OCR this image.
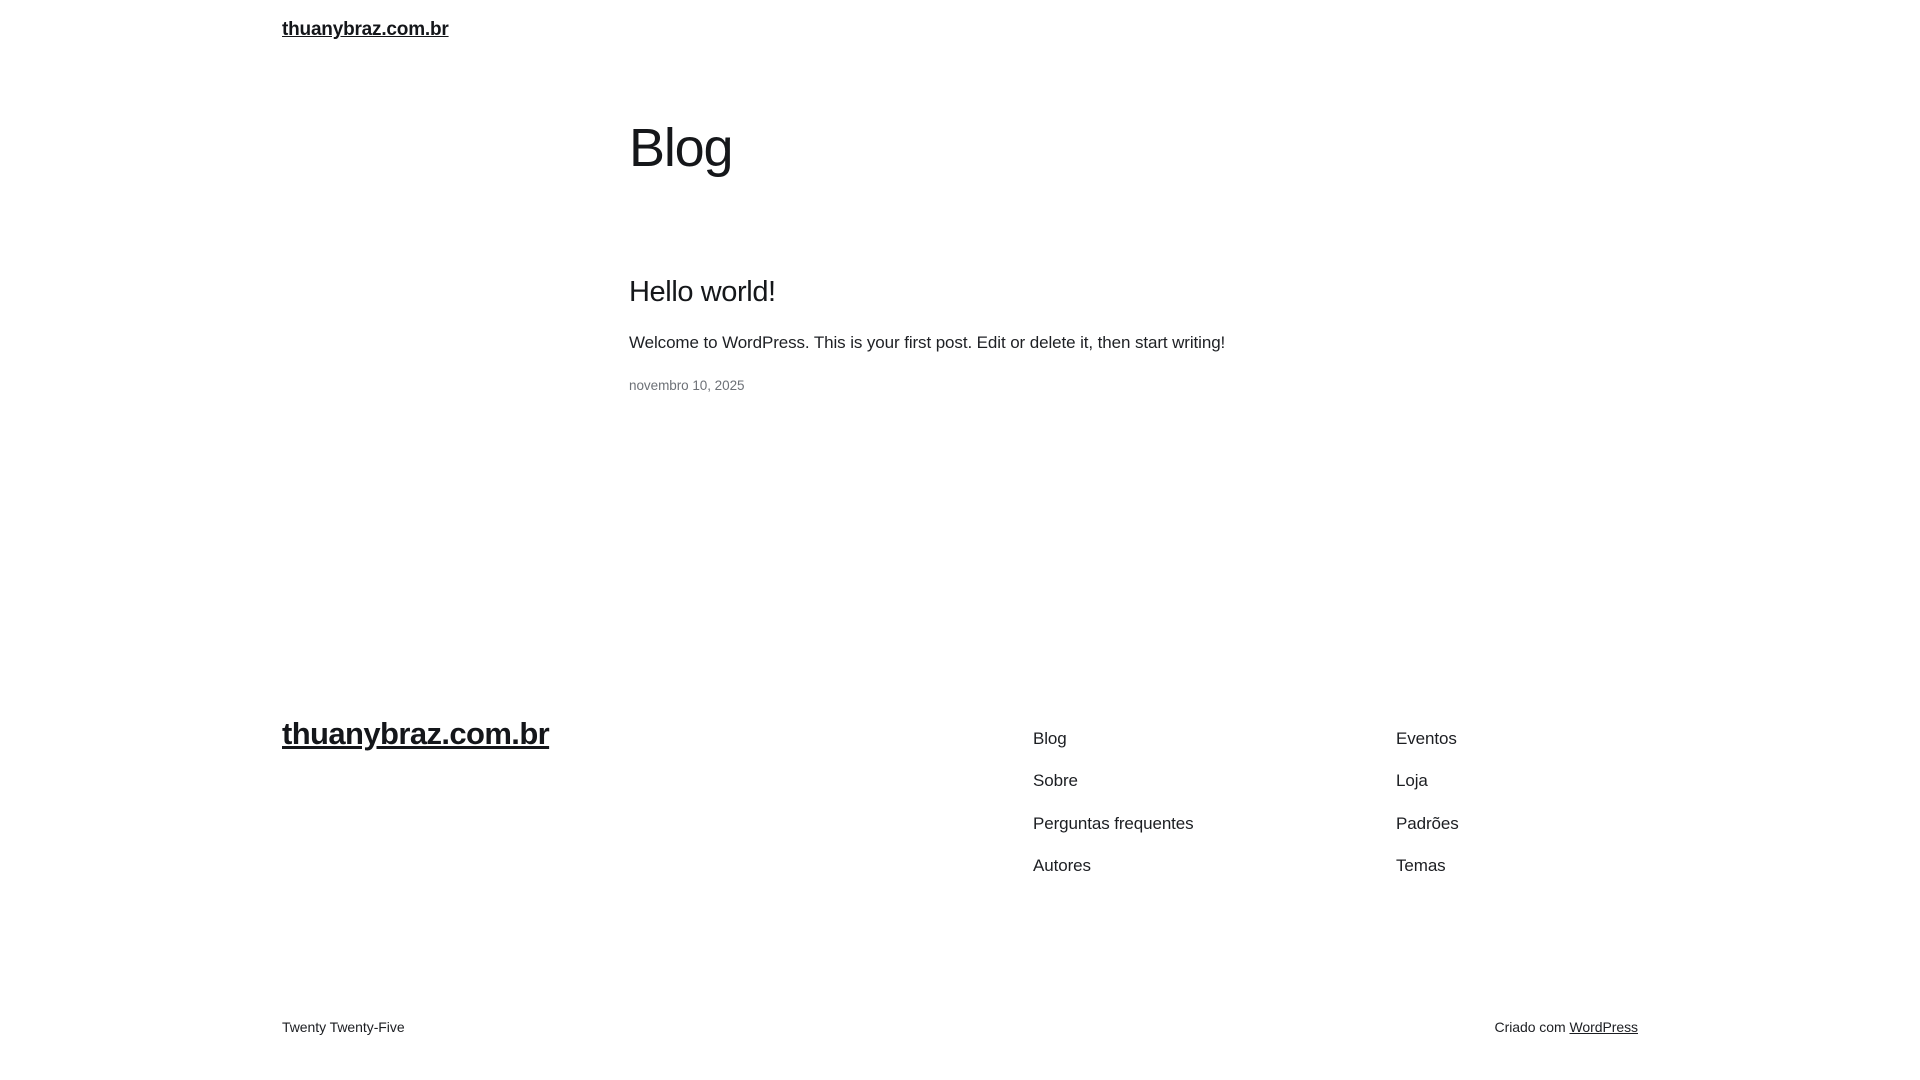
thuanybraz.com.br
Blog
Hello world!

Welcome to WordPress. This is your first post. Edit or delete it, then start writing!

novembro 10, 2025
thuanybraz.com.br	Blog
Sobre
Perguntas frequentes
Autores
Eventos
Loja
Padrões
Temas
Twenty Twenty-Five	Criado com WordPress
